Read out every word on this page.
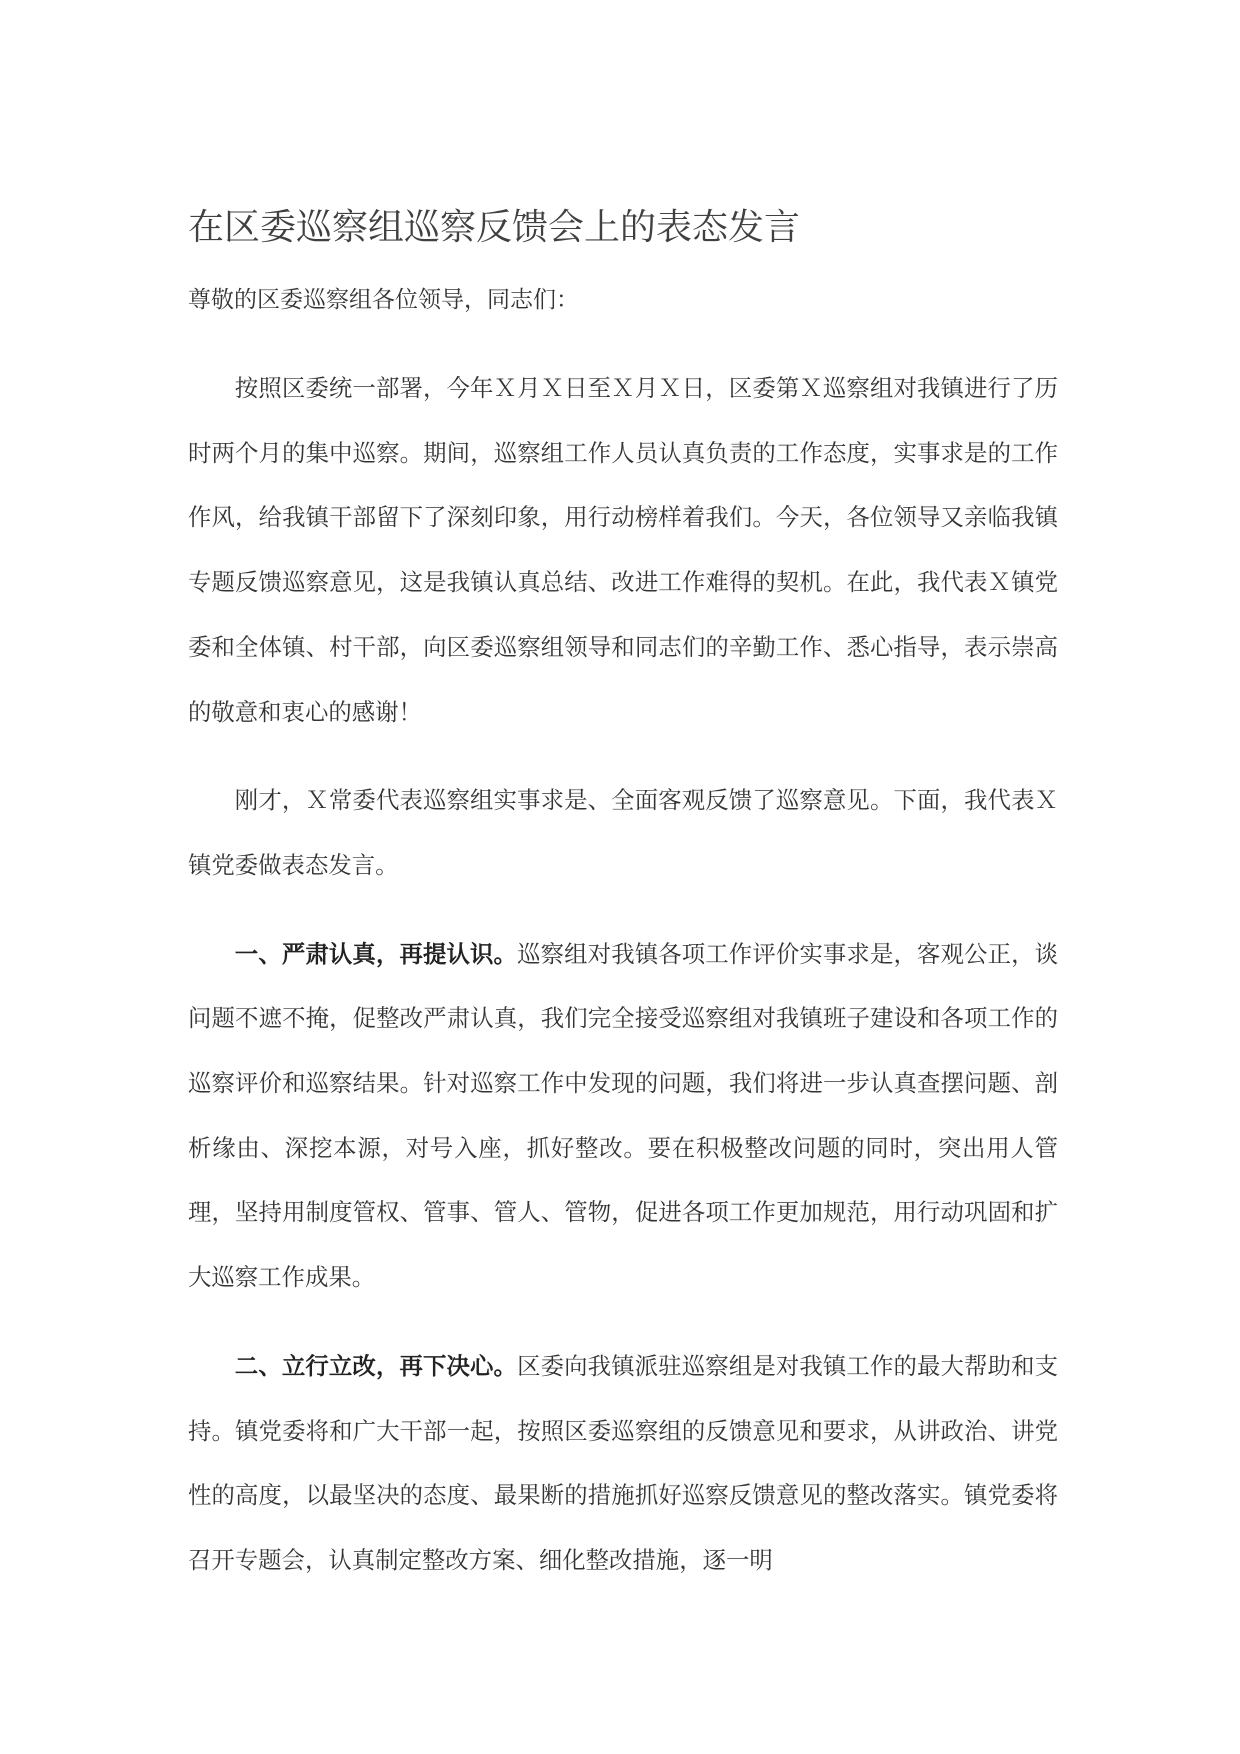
在区委巡察组巡察反馈会上的表态发言

尊敬的区委巡察组各位领导，同志们：

按照区委统一部署，今年Ｘ月Ｘ日至Ｘ月Ｘ日，区委第Ｘ巡察组对我镇进行了历时两个月的集中巡察。期间，巡察组工作人员认真负责的工作态度，实事求是的工作作风，给我镇干部留下了深刻印象，用行动榜样着我们。今天，各位领导又亲临我镇专题反馈巡察意见，这是我镇认真总结、改进工作难得的契机。在此，我代表Ｘ镇党委和全体镇、村干部，向区委巡察组领导和同志们的辛勤工作、悉心指导，表示崇高的敬意和衷心的感谢！

刚才，Ｘ常委代表巡察组实事求是、全面客观反馈了巡察意见。下面，我代表Ｘ镇党委做表态发言。

一、严肃认真，再提认识。巡察组对我镇各项工作评价实事求是，客观公正，谈问题不遮不掩，促整改严肃认真，我们完全接受巡察组对我镇班子建设和各项工作的巡察评价和巡察结果。针对巡察工作中发现的问题，我们将进一步认真查摆问题、剖析缘由、深挖本源，对号入座，抓好整改。要在积极整改问题的同时，突出用人管理，坚持用制度管权、管事、管人、管物，促进各项工作更加规范，用行动巩固和扩大巡察工作成果。

二、立行立改，再下决心。区委向我镇派驻巡察组是对我镇工作的最大帮助和支持。镇党委将和广大干部一起，按照区委巡察组的反馈意见和要求，从讲政治、讲党性的高度，以最坚决的态度、最果断的措施抓好巡察反馈意见的整改落实。镇党委将召开专题会，认真制定整改方案、细化整改措施，逐一明
